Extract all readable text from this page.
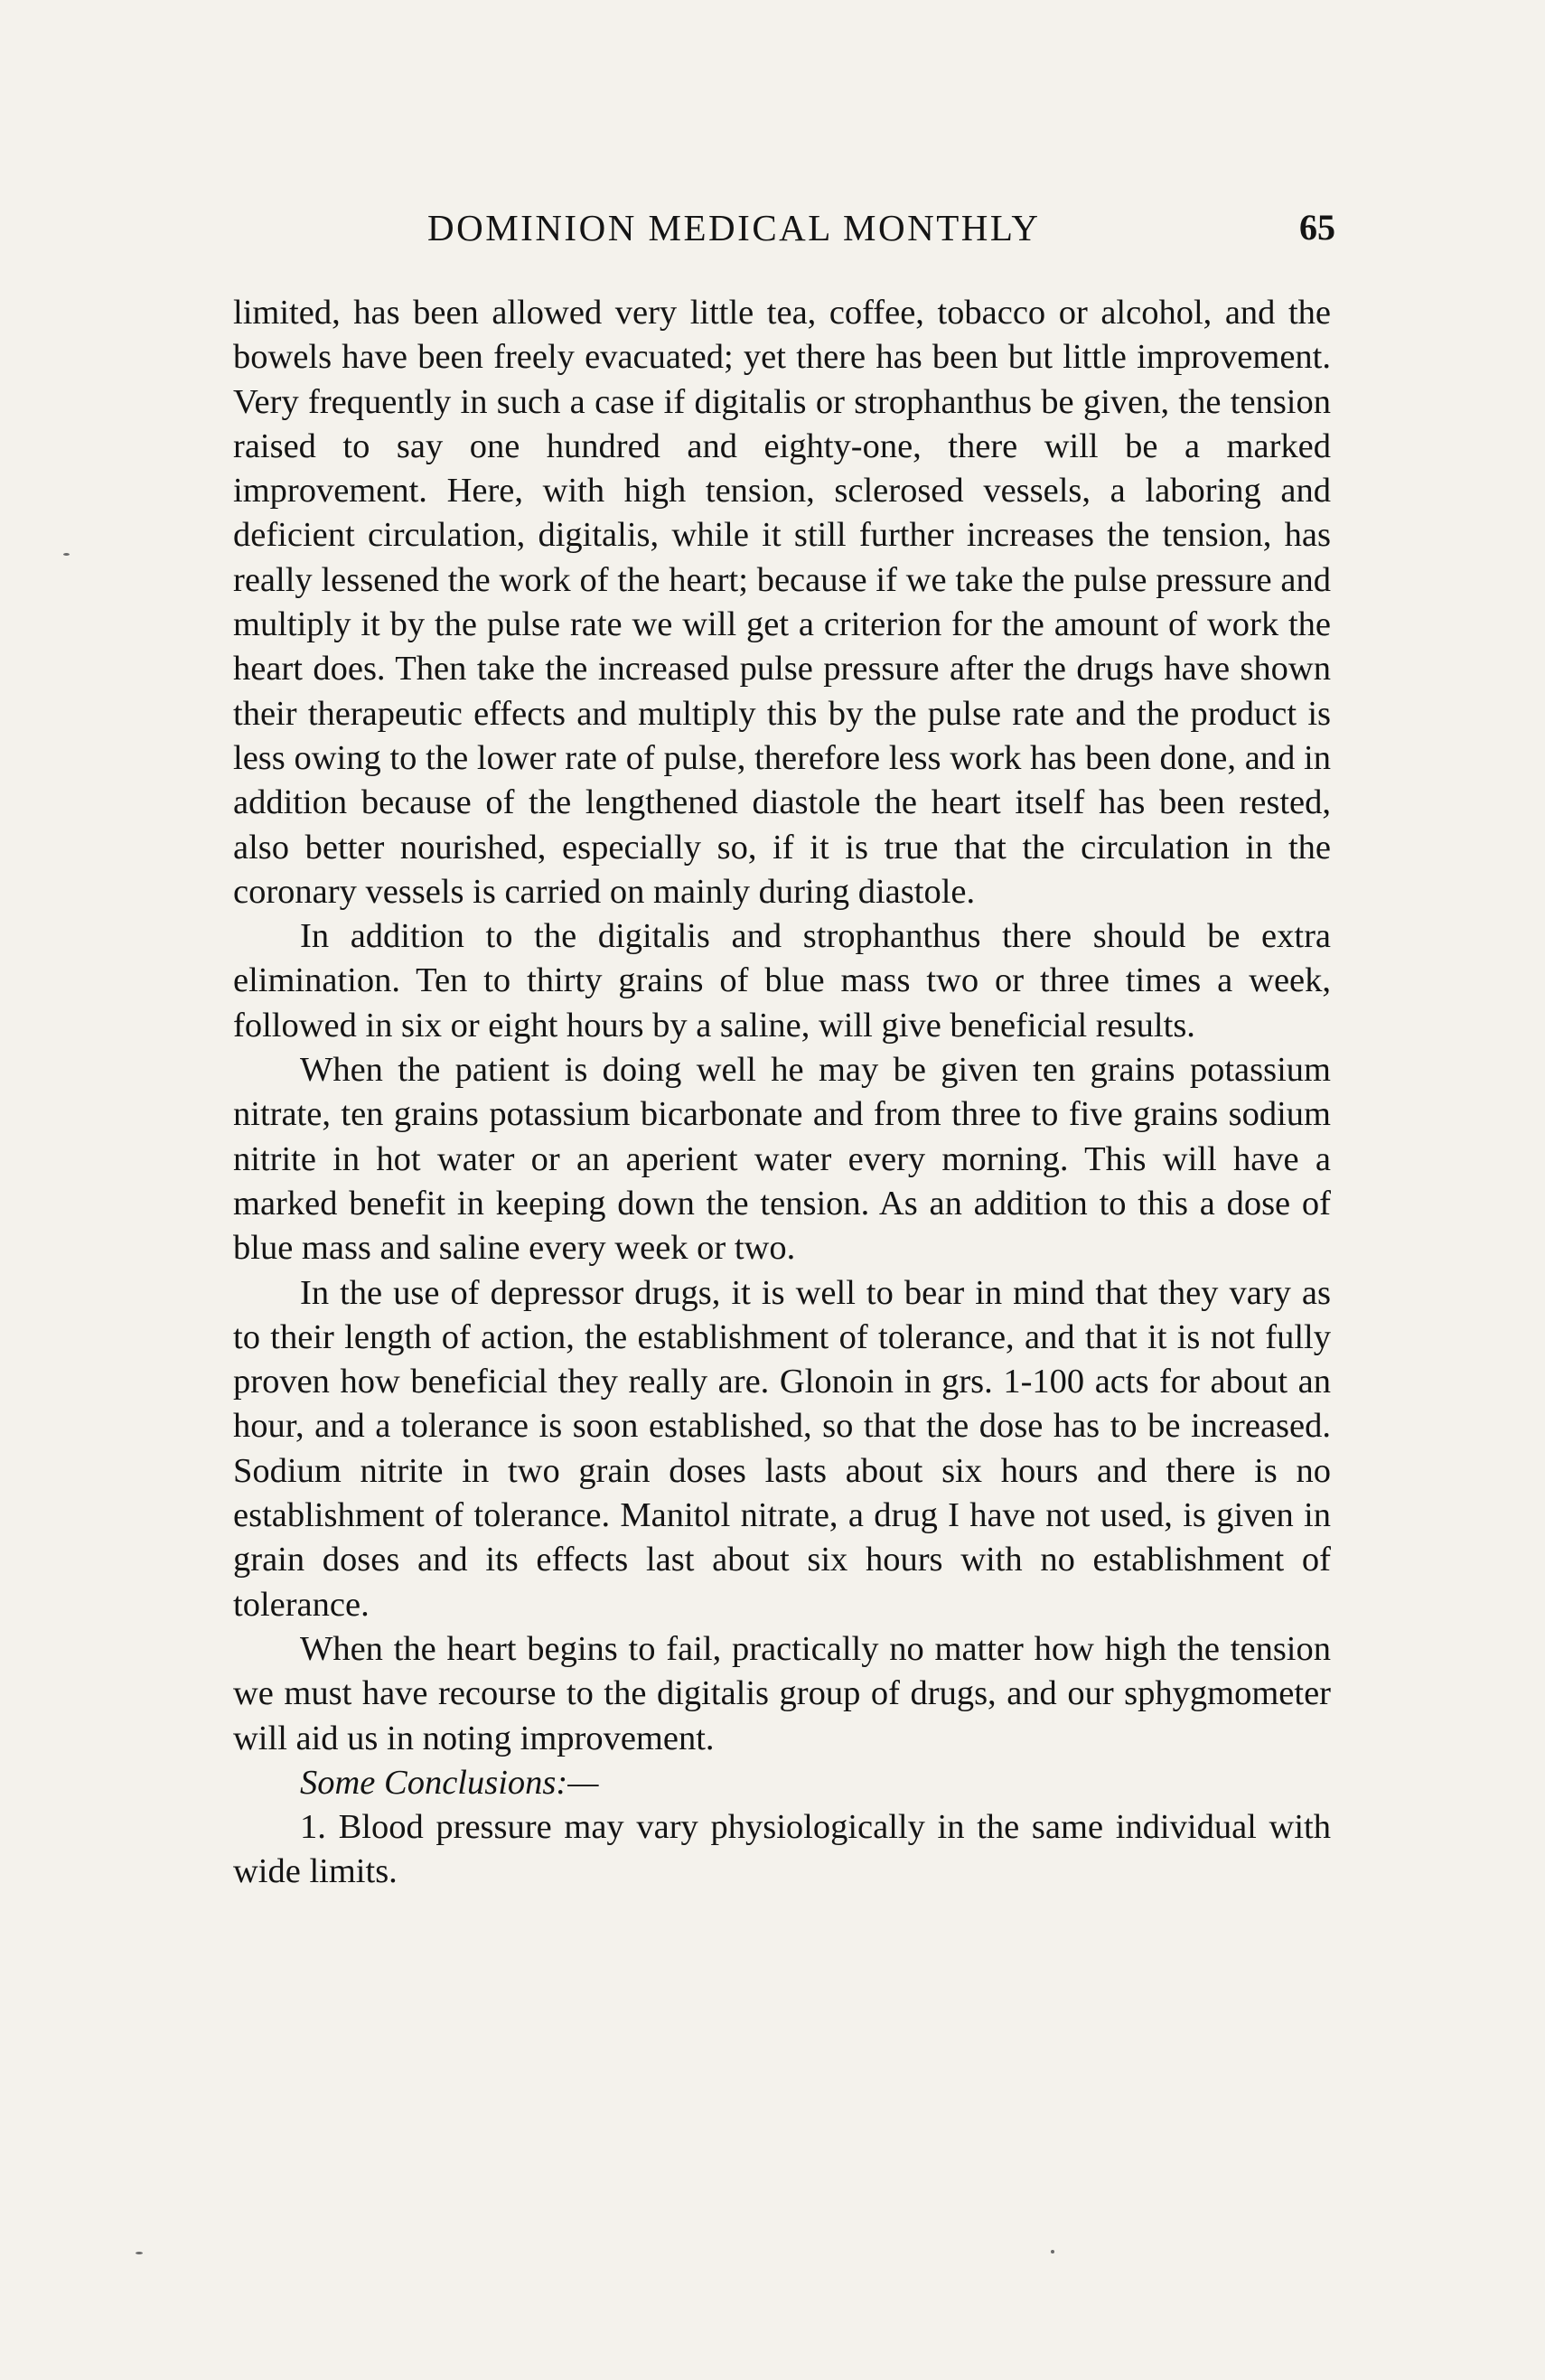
DOMINION MEDICAL MONTHLY	65

limited, has been allowed very little tea, coffee, tobacco or alcohol, and the bowels have been freely evacuated; yet there has been but little improvement. Very frequently in such a case if digitalis or strophanthus be given, the tension raised to say one hundred and eighty-one, there will be a marked improvement. Here, with high tension, sclerosed vessels, a laboring and deficient circulation, digitalis, while it still further increases the tension, has really lessened the work of the heart; because if we take the pulse pressure and multiply it by the pulse rate we will get a criterion for the amount of work the heart does. Then take the increased pulse pressure after the drugs have shown their therapeutic effects and multiply this by the pulse rate and the product is less owing to the lower rate of pulse, therefore less work has been done, and in addition because of the lengthened diastole the heart itself has been rested, also better nourished, especially so, if it is true that the circulation in the coronary vessels is carried on mainly during diastole.

In addition to the digitalis and strophanthus there should be extra elimination. Ten to thirty grains of blue mass two or three times a week, followed in six or eight hours by a saline, will give beneficial results.

When the patient is doing well he may be given ten grains potassium nitrate, ten grains potassium bicarbonate and from three to five grains sodium nitrite in hot water or an aperient water every morning. This will have a marked benefit in keeping down the tension. As an addition to this a dose of blue mass and saline every week or two.

In the use of depressor drugs, it is well to bear in mind that they vary as to their length of action, the establishment of tolerance, and that it is not fully proven how beneficial they really are. Glonoin in grs. 1-100 acts for about an hour, and a tolerance is soon established, so that the dose has to be increased. Sodium nitrite in two grain doses lasts about six hours and there is no establishment of tolerance. Manitol nitrate, a drug I have not used, is given in grain doses and its effects last about six hours with no establishment of tolerance.

When the heart begins to fail, practically no matter how high the tension we must have recourse to the digitalis group of drugs, and our sphygmometer will aid us in noting improvement.

Some Conclusions:—

1. Blood pressure may vary physiologically in the same individual with wide limits.
